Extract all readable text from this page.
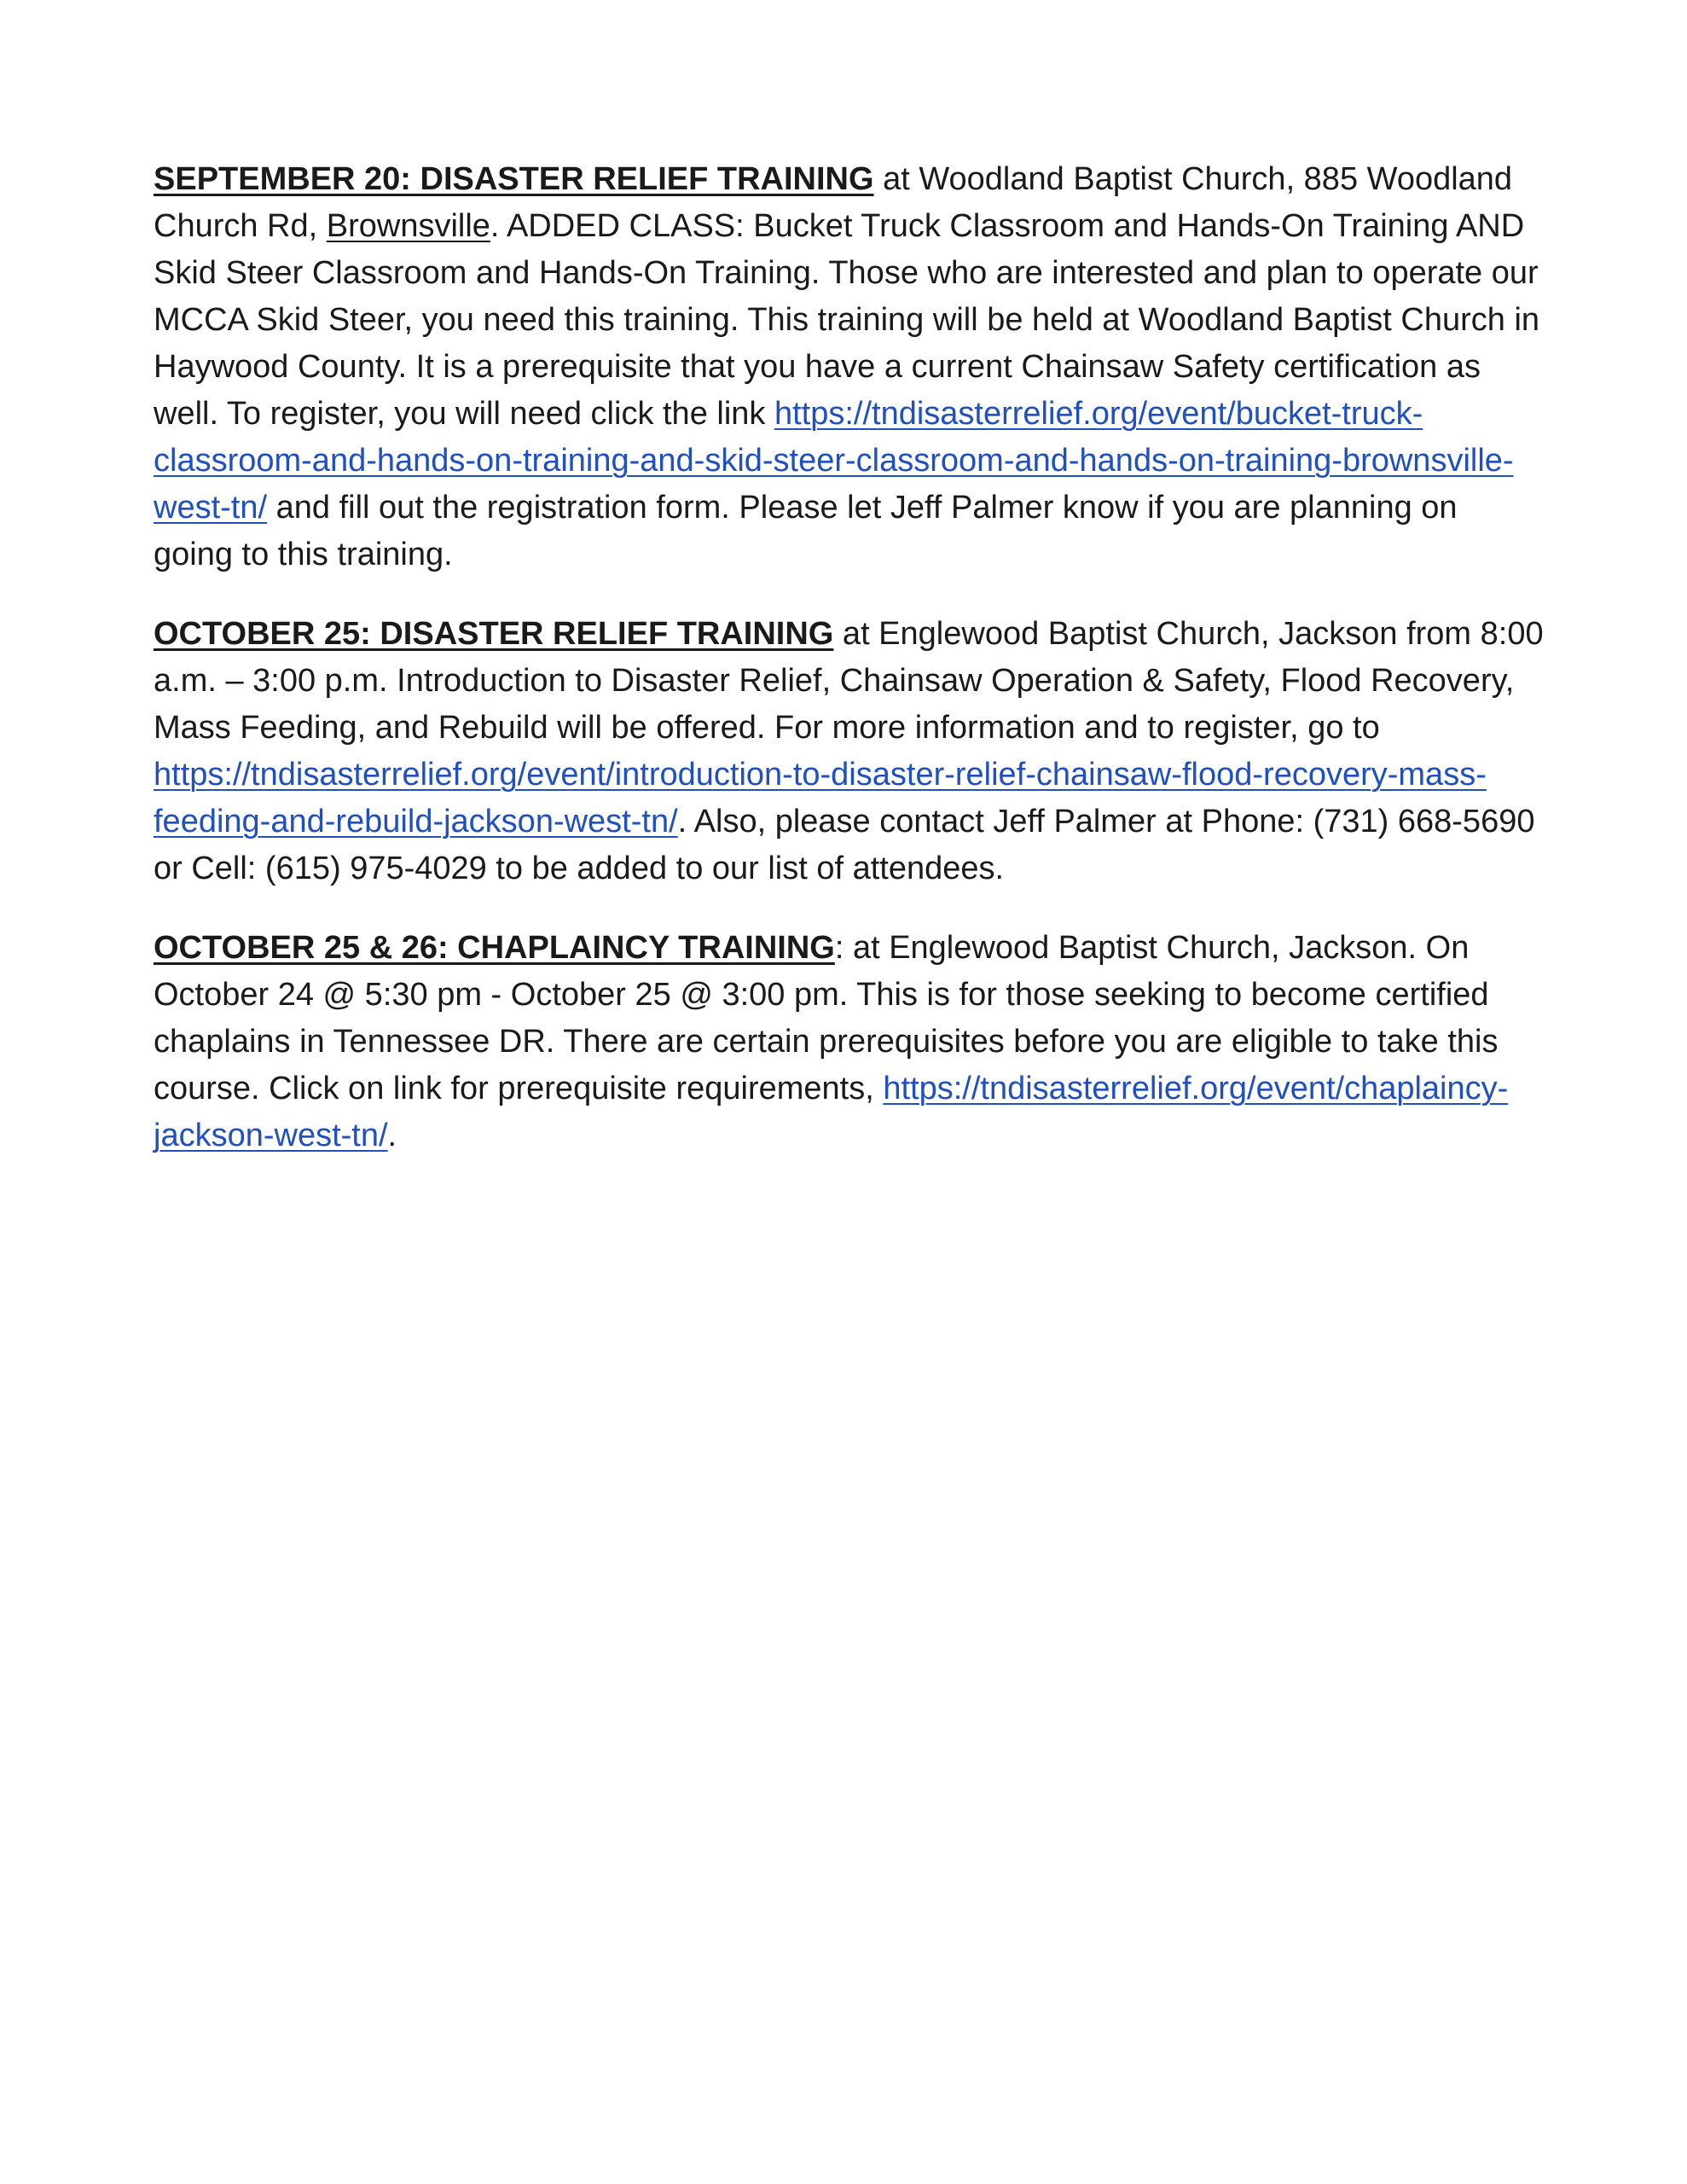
SEPTEMBER 20: DISASTER RELIEF TRAINING at Woodland Baptist Church, 885 Woodland Church Rd, Brownsville. ADDED CLASS: Bucket Truck Classroom and Hands-On Training AND Skid Steer Classroom and Hands-On Training. Those who are interested and plan to operate our MCCA Skid Steer, you need this training. This training will be held at Woodland Baptist Church in Haywood County. It is a prerequisite that you have a current Chainsaw Safety certification as well. To register, you will need click the link https://tndisasterrelief.org/event/bucket-truck-classroom-and-hands-on-training-and-skid-steer-classroom-and-hands-on-training-brownsville-west-tn/ and fill out the registration form. Please let Jeff Palmer know if you are planning on going to this training.

OCTOBER 25: DISASTER RELIEF TRAINING at Englewood Baptist Church, Jackson from 8:00 a.m. – 3:00 p.m. Introduction to Disaster Relief, Chainsaw Operation & Safety, Flood Recovery, Mass Feeding, and Rebuild will be offered. For more information and to register, go to https://tndisasterrelief.org/event/introduction-to-disaster-relief-chainsaw-flood-recovery-mass-feeding-and-rebuild-jackson-west-tn/. Also, please contact Jeff Palmer at Phone: (731) 668-5690 or Cell: (615) 975-4029 to be added to our list of attendees.

OCTOBER 25 & 26: CHAPLAINCY TRAINING: at Englewood Baptist Church, Jackson. On October 24 @ 5:30 pm - October 25 @ 3:00 pm. This is for those seeking to become certified chaplains in Tennessee DR. There are certain prerequisites before you are eligible to take this course. Click on link for prerequisite requirements, https://tndisasterrelief.org/event/chaplaincy-jackson-west-tn/.
